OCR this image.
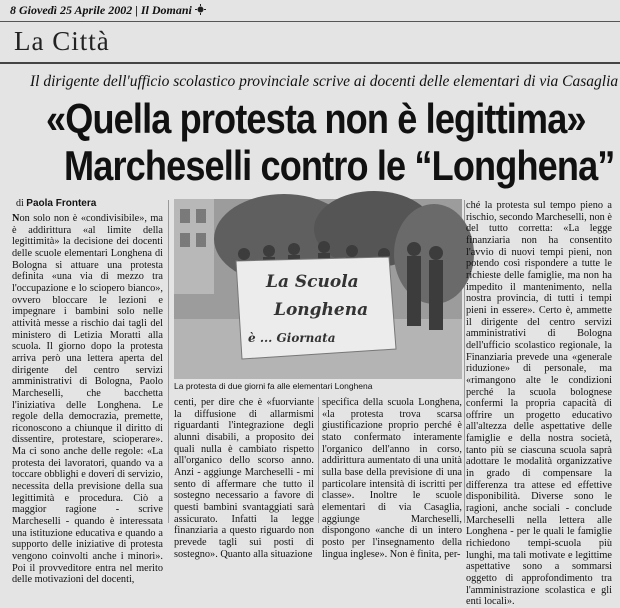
8 Giovedì 25 Aprile 2002 | Il Domani
La Città
Il dirigente dell'ufficio scolastico provinciale scrive ai docenti delle elementari di via Casaglia
«Quella protesta non è legittima»
Marcheselli contro le “Longhena”
di Paola Frontera
Non solo non è «condivisibile», ma è addirittura «al limite della legittimità» la decisione dei docenti delle scuole elementari Longhena di Bologna si attuare una protesta definita «una via di mezzo tra l'occupazione e lo sciopero bianco», ovvero bloccare le lezioni e impegnare i bambini solo nelle attività messe a rischio dai tagli del ministero di Letizia Moratti alla scuola. Il giorno dopo la protesta arriva però una lettera aperta del dirigente del centro servizi amministrativi di Bologna, Paolo Marcheselli, che bacchetta l'iniziativa delle Longhena. Le regole della democrazia, premette, riconoscono a chiunque il diritto di dissentire, protestare, scioperare». Ma ci sono anche delle regole: «La protesta dei lavoratori, quando va a toccare obblighi e doveri di servizio, necessita della previsione della sua legittimità e procedura. Ciò a maggior ragione - scrive Marcheselli - quando è interessata una istituzione educativa e quando a supporto delle iniziative di protesta vengono coinvolti anche i minori». Poi il provveditore entra nel merito delle motivazioni del docenti,
La Scuola
Longhena
è ... Giornata
La protesta di due giorni fa alle elementari Longhena
centi, per dire che è «fuorviante la diffusione di allarmismi riguardanti l'integrazione degli alunni disabili, a proposito dei quali nulla è cambiato rispetto all'organico dello scorso anno. Anzi - aggiunge Marcheselli - mi sento di affermare che tutto il sostegno necessario a favore di questi bambini svantaggiati sarà assicurato. Infatti la legge finanziaria a questo riguardo non prevede tagli sui posti di sostegno». Quanto alla situazione
specifica della scuola Longhena, «la protesta trova scarsa giustificazione proprio perché è stato confermato interamente l'organico dell'anno in corso, addirittura aumentato di una unità sulla base della previsione di una particolare intensità di iscritti per classe». Inoltre le scuole elementari di via Casaglia, aggiunge Marcheselli, dispongono «anche di un intero posto per l'insegnamento della lingua inglese». Non è finita, per-
ché la protesta sul tempo pieno a rischio, secondo Marcheselli, non è del tutto corretta: «La legge finanziaria non ha consentito l'avvio di nuovi tempi pieni, non potendo così rispondere a tutte le richieste delle famiglie, ma non ha impedito il mantenimento, nella nostra provincia, di tutti i tempi pieni in essere». Certo è, ammette il dirigente del centro servizi amministrativi di Bologna dell'ufficio scolastico regionale, la Finanziaria prevede una «generale riduzione» di personale, ma «rimangono alte le condizioni perché la scuola bolognese confermi la propria capacità di offrire un progetto educativo all'altezza delle aspettative delle famiglie e della nostra società, tanto più se ciascuna scuola saprà adottare le modalità organizzative in grado di compensare la differenza tra attese ed effettive disponibilità. Diverse sono le ragioni, anche sociali - conclude Marcheselli nella lettera alle Longhena - per le quali le famiglie richiedono tempi-scuola più lunghi, ma tali motivate e legittime aspettative sono a sommarsi oggetto di approfondimento tra l'amministrazione scolastica e gli enti locali».
